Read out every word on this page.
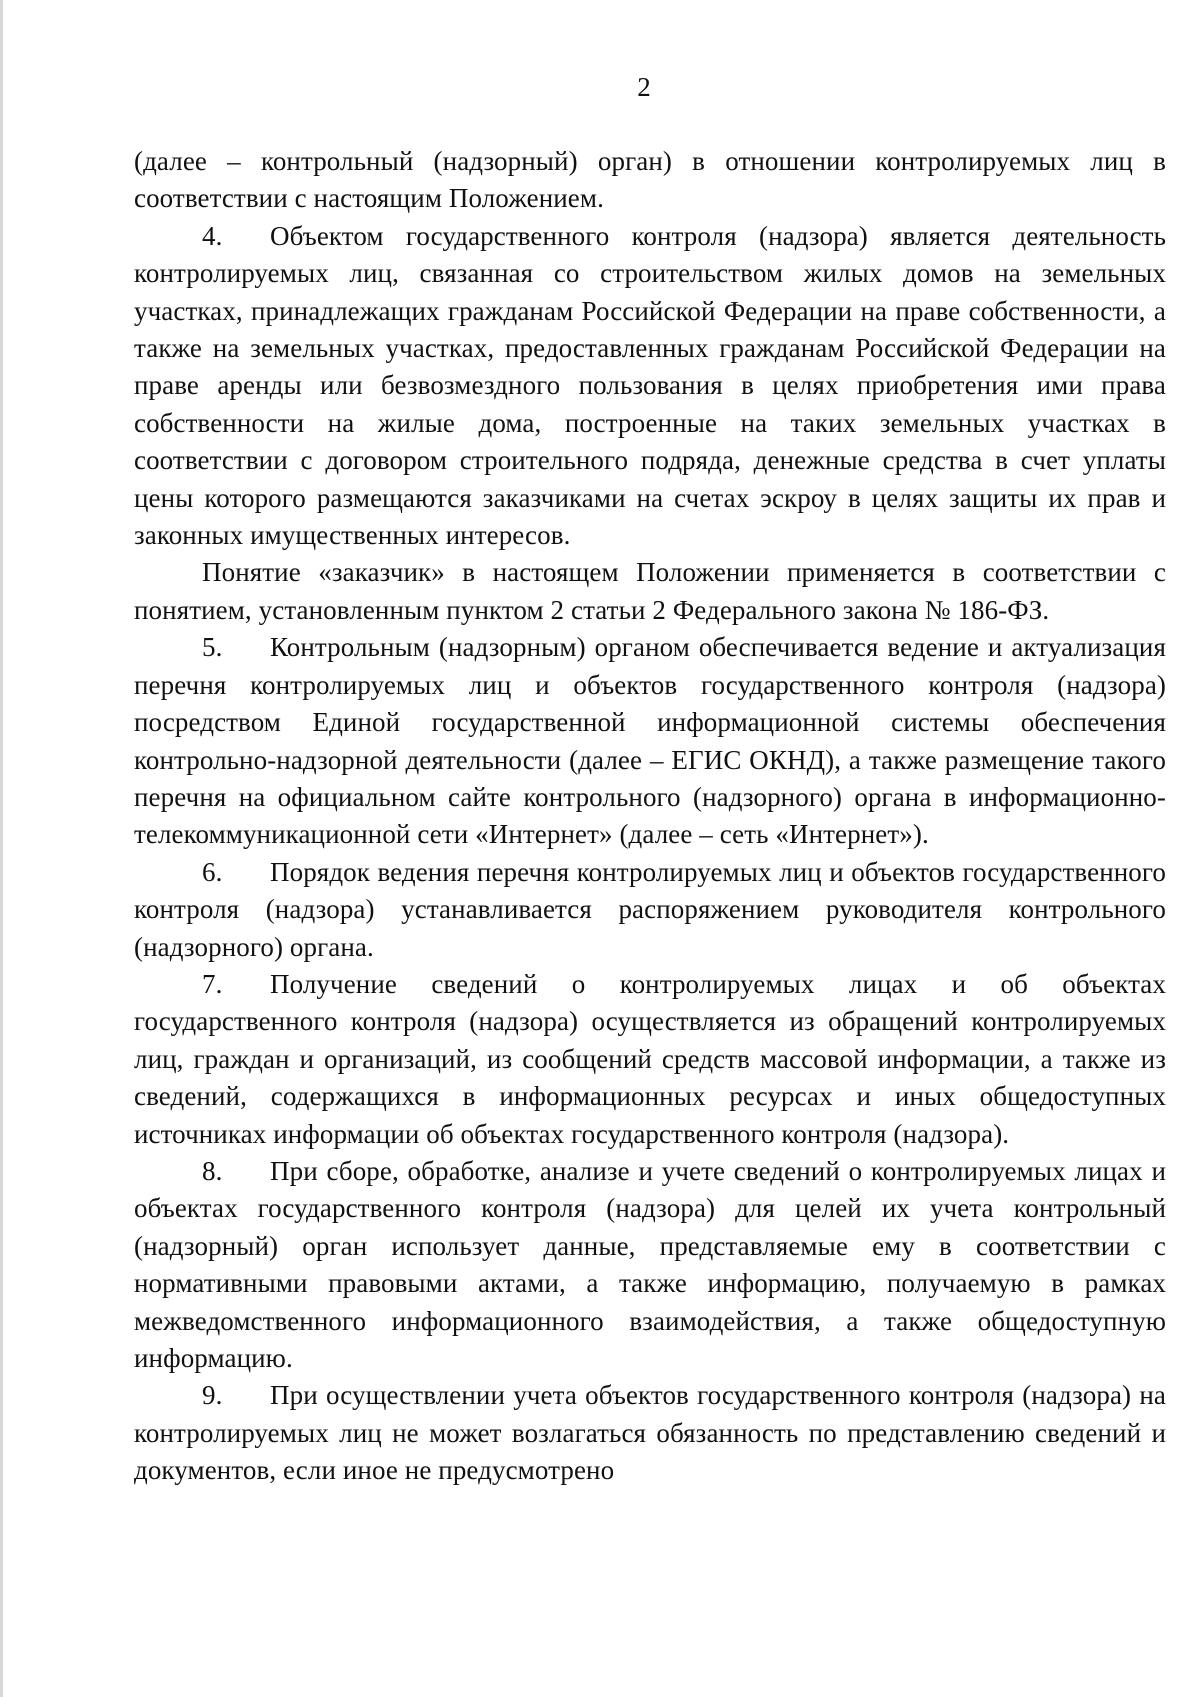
2

(далее – контрольный (надзорный) орган) в отношении контролируемых лиц в соответствии с настоящим Положением.

4. Объектом государственного контроля (надзора) является деятельность контролируемых лиц, связанная со строительством жилых домов на земельных участках, принадлежащих гражданам Российской Федерации на праве собственности, а также на земельных участках, предоставленных гражданам Российской Федерации на праве аренды или безвозмездного пользования в целях приобретения ими права собственности на жилые дома, построенные на таких земельных участках в соответствии с договором строительного подряда, денежные средства в счет уплаты цены которого размещаются заказчиками на счетах эскроу в целях защиты их прав и законных имущественных интересов.

Понятие «заказчик» в настоящем Положении применяется в соответствии с понятием, установленным пунктом 2 статьи 2 Федерального закона № 186-ФЗ.

5. Контрольным (надзорным) органом обеспечивается ведение и актуализация перечня контролируемых лиц и объектов государственного контроля (надзора) посредством Единой государственной информационной системы обеспечения контрольно-надзорной деятельности (далее – ЕГИС ОКНД), а также размещение такого перечня на официальном сайте контрольного (надзорного) органа в информационно-телекоммуникационной сети «Интернет» (далее – сеть «Интернет»).

6. Порядок ведения перечня контролируемых лиц и объектов государственного контроля (надзора) устанавливается распоряжением руководителя контрольного (надзорного) органа.

7. Получение сведений о контролируемых лицах и об объектах государственного контроля (надзора) осуществляется из обращений контролируемых лиц, граждан и организаций, из сообщений средств массовой информации, а также из сведений, содержащихся в информационных ресурсах и иных общедоступных источниках информации об объектах государственного контроля (надзора).

8. При сборе, обработке, анализе и учете сведений о контролируемых лицах и объектах государственного контроля (надзора) для целей их учета контрольный (надзорный) орган использует данные, представляемые ему в соответствии с нормативными правовыми актами, а также информацию, получаемую в рамках межведомственного информационного взаимодействия, а также общедоступную информацию.

9. При осуществлении учета объектов государственного контроля (надзора) на контролируемых лиц не может возлагаться обязанность по представлению сведений и документов, если иное не предусмотрено
